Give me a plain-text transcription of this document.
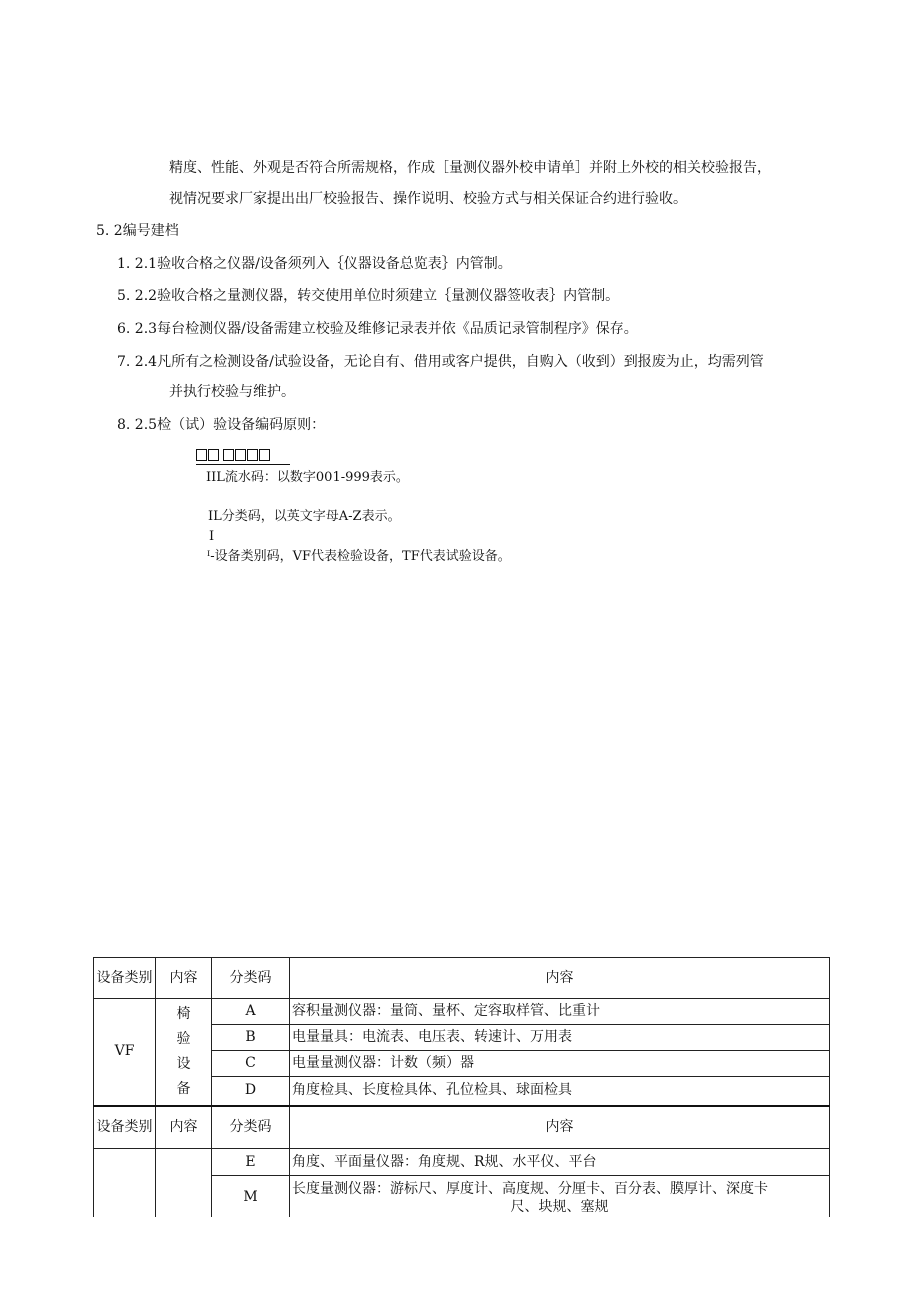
精度、性能、外观是否符合所需规格，作成［量测仪器外校申请单］并附上外校的相关校验报告，
视情况要求厂家提出出厂校验报告、操作说明、校验方式与相关保证合约进行验收。
5. 2编号建档
1. 2.1验收合格之仪器/设备须列入｛仪器设备总览表｝内管制。
5. 2.2验收合格之量测仪器，转交使用单位时须建立｛量测仪器签收表｝内管制。
6. 2.3每台检测仪器/设备需建立校验及维修记录表并依《品质记录管制程序》保存。
7. 2.4凡所有之检测设备/试验设备，无论自有、借用或客户提供，自购入（收到）到报废为止，均需列管
并执行校验与维护。
8. 2.5检（试）验设备编码原则：
IIL流水码：以数字001-999表示。
IL分类码，以英文字母A-Z表示。
I
ᴵ-设备类别码，VF代表检验设备，TF代表试验设备。
设备类别	内容	分类码	内容
VF	椅
验
设
备	A	容积量测仪器：量筒、量杯、定容取样管、比重计
		B	电量量具：电流表、电压表、转速计、万用表
		C	电量量测仪器：计数（频）器
		D	角度检具、长度检具体、孔位检具、球面检具
设备类别	内容	分类码	内容
		E	角度、平面量仪器：角度规、R规、水平仪、平台
		M	长度量测仪器：游标尺、厚度计、高度规、分厘卡、百分表、膜厚计、深度卡
尺、块规、塞规
